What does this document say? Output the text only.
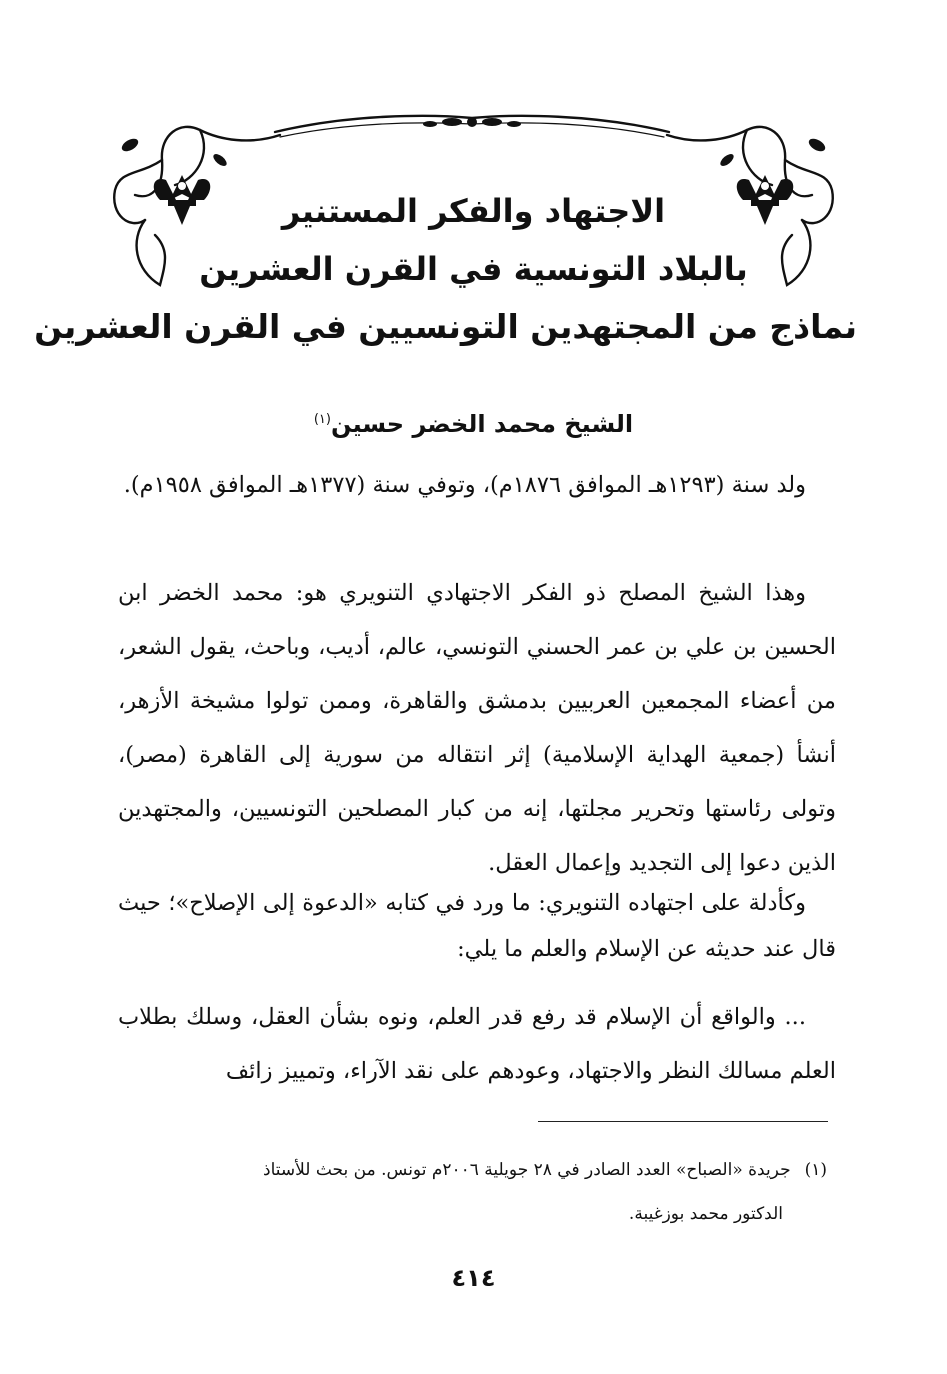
الاجتهاد والفكر المستنير
بالبلاد التونسية في القرن العشرين
نماذج من المجتهدين التونسيين في القرن العشرين
الشيخ محمد الخضر حسين$^{(١)}$

ولد سنة (١٢٩٣هـ الموافق ١٨٧٦م)، وتوفي سنة (١٣٧٧هـ الموافق ١٩٥٨م).

وهذا الشيخ المصلح ذو الفكر الاجتهادي التنويري هو: محمد الخضر ابن الحسين بن علي بن عمر الحسني التونسي، عالم، أديب، وباحث، يقول الشعر، من أعضاء المجمعين العربيين بدمشق والقاهرة، وممن تولوا مشيخة الأزهر، أنشأ (جمعية الهداية الإسلامية) إثر انتقاله من سورية إلى القاهرة (مصر)، وتولى رئاستها وتحرير مجلتها، إنه من كبار المصلحين التونسيين، والمجتهدين الذين دعوا إلى التجديد وإعمال العقل.

وكأدلة على اجتهاده التنويري: ما ورد في كتابه «الدعوة إلى الإصلاح»؛ حيث قال عند حديثه عن الإسلام والعلم ما يلي:

... والواقع أن الإسلام قد رفع قدر العلم، ونوه بشأن العقل، وسلك بطلاب العلم مسالك النظر والاجتهاد، وعودهم على نقد الآراء، وتمييز زائف

(١)جريدة «الصباح» العدد الصادر في ٢٨ جويلية ٢٠٠٦م تونس. من بحث للأستاذ
الدكتور محمد بوزغيبة.
٤١٤
